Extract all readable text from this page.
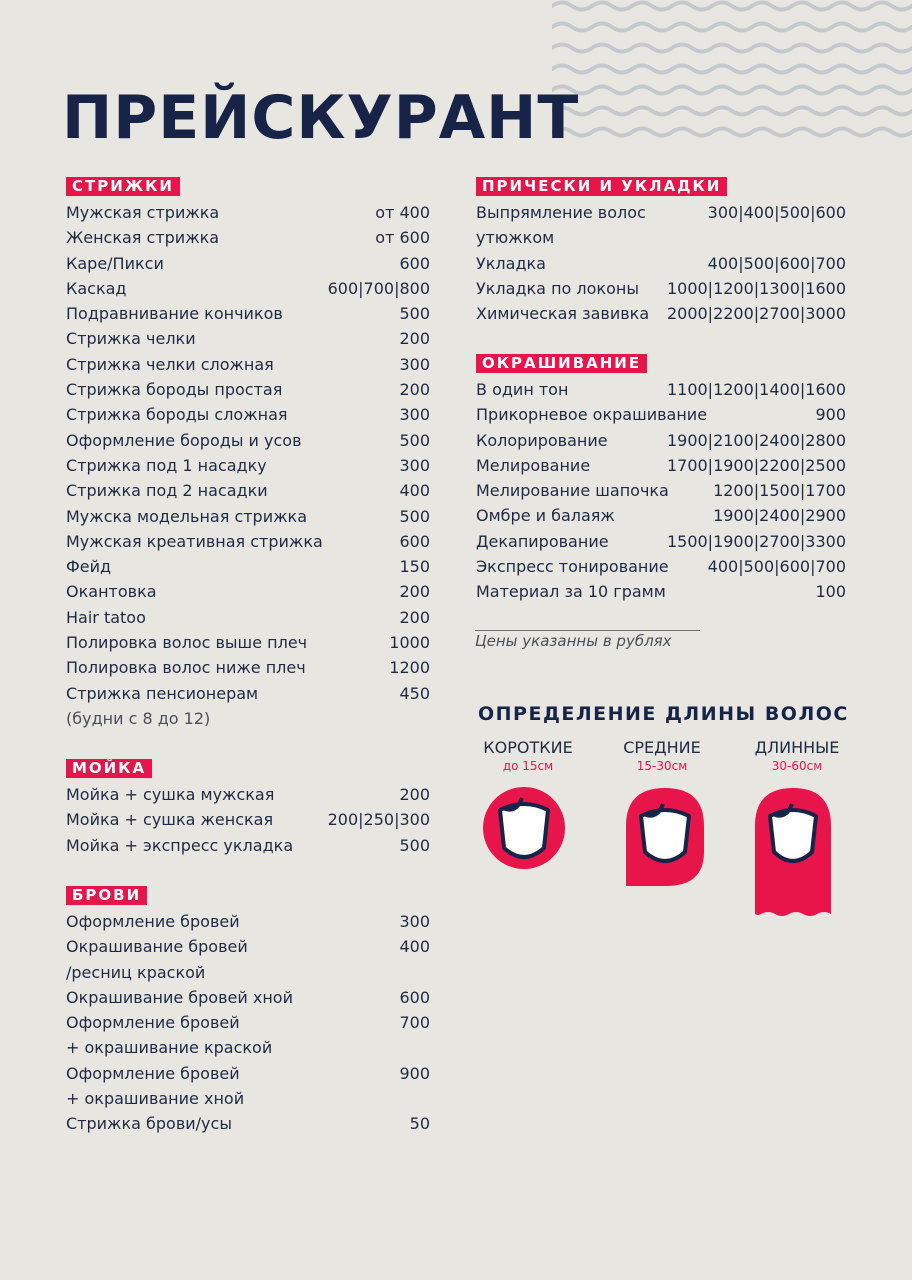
ПРЕЙСКУРАНТ
СТРИЖКИ
Мужская стрижка	от 400
Женская стрижка	от 600
Каре/Пикси	600
Каскад	600|700|800
Подравнивание кончиков	500
Стрижка челки	200
Стрижка челки сложная	300
Стрижка бороды простая	200
Стрижка бороды сложная	300
Оформление бороды и усов	500
Стрижка под 1 насадку	300
Стрижка под 2 насадки	400
Мужска модельная стрижка	500
Мужская креативная стрижка	600
Фейд	150
Окантовка	200
Hair tatoo	200
Полировка волос выше плеч	1000
Полировка волос ниже плеч	1200
Стрижка пенсионерам	450
(будни с 8 до 12)
МОЙКА
Мойка + сушка мужская	200
Мойка + сушка женская	200|250|300
Мойка + экспресс укладка	500
БРОВИ
Оформление бровей	300
Окрашивание бровей	400
/ресниц краской
Окрашивание бровей хной	600
Оформление бровей	700
+ окрашивание краской
Оформление бровей	900
+ окрашивание хной
Стрижка брови/усы	50
ПРИЧЕСКИ И УКЛАДКИ
Выпрямление волос	300|400|500|600
утюжком
Укладка	400|500|600|700
Укладка по локоны 1000|1200|1300|1600
Химическая завивка 2000|2200|2700|3000
ОКРАШИВАНИЕ
В один тон	1100|1200|1400|1600
Прикорневое окрашивание	900
Колорирование	1900|2100|2400|2800
Мелирование	1700|1900|2200|2500
Мелирование шапочка	1200|1500|1700
Омбре и балаяж	1900|2400|2900
Декапирование	1500|1900|2700|3300
Экспресс тонирование 400|500|600|700
Материал за 10 грамм	100
Цены указанны в рублях
ОПРЕДЕЛЕНИЕ ДЛИНЫ ВОЛОС
КОРОТКИЕ
до 15см
СРЕДНИЕ
15-30см
ДЛИННЫЕ
30-60см
